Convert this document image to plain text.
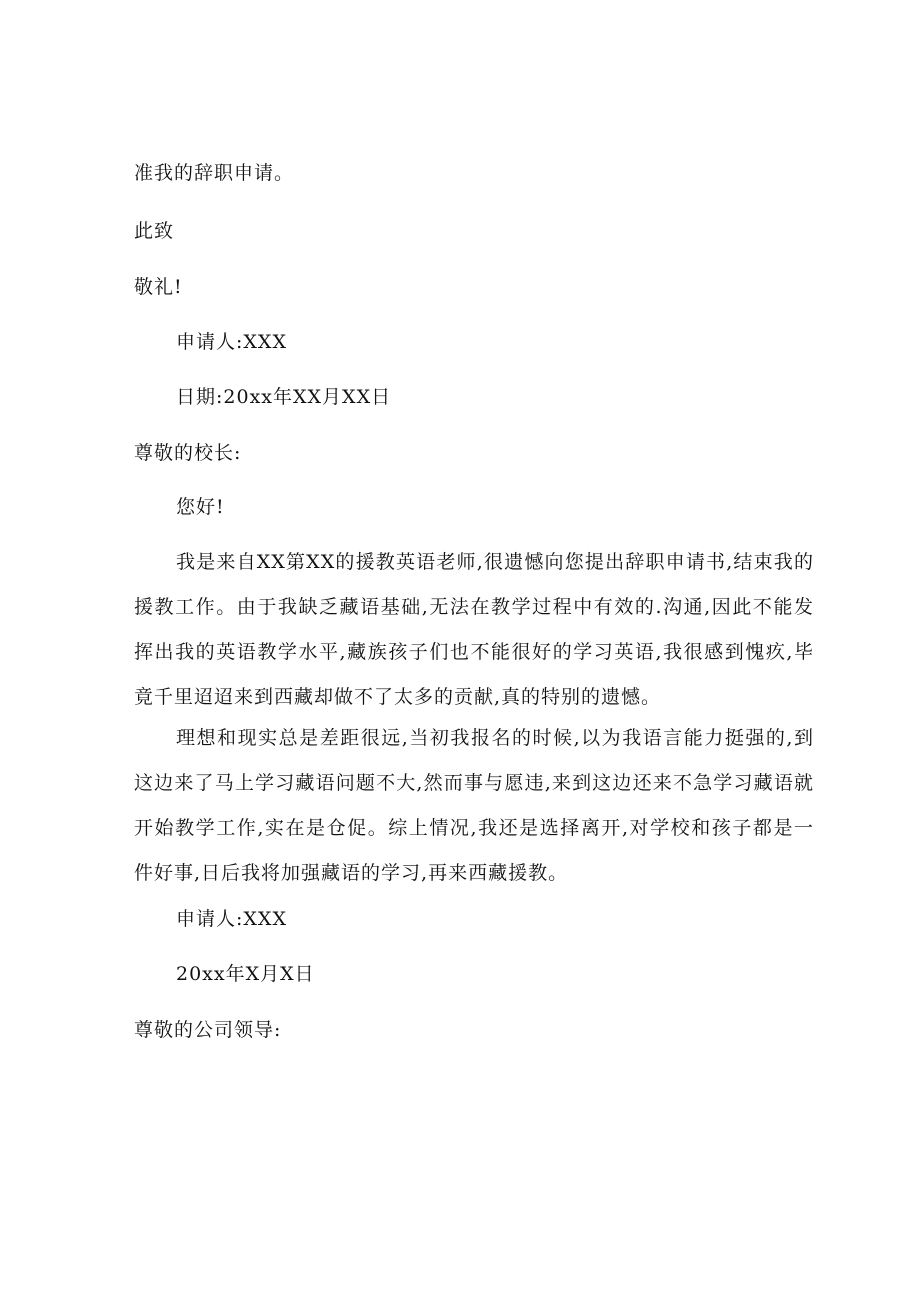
准我的辞职申请。
此致
敬礼!
申请人:XXX
日期:20xx年XX月XX日
尊敬的校长:
您好!
我是来自XX第XX的援教英语老师,很遗憾向您提出辞职申请书,结束我的援教工作。由于我缺乏藏语基础,无法在教学过程中有效的.沟通,因此不能发挥出我的英语教学水平,藏族孩子们也不能很好的学习英语,我很感到愧疚,毕竟千里迢迢来到西藏却做不了太多的贡献,真的特别的遗憾。
理想和现实总是差距很远,当初我报名的时候,以为我语言能力挺强的,到这边来了马上学习藏语问题不大,然而事与愿违,来到这边还来不急学习藏语就开始教学工作,实在是仓促。综上情况,我还是选择离开,对学校和孩子都是一件好事,日后我将加强藏语的学习,再来西藏援教。
申请人:XXX
20xx年X月X日
尊敬的公司领导:
